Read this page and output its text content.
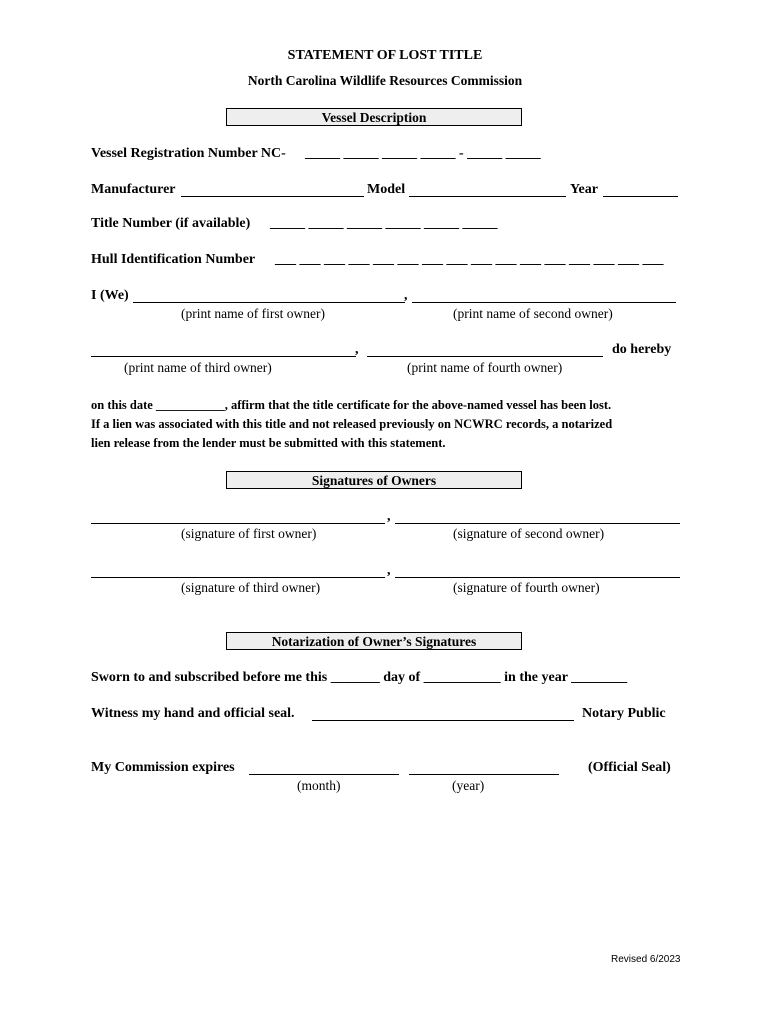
STATEMENT OF LOST TITLE
North Carolina Wildlife Resources Commission
Vessel Description
Vessel Registration Number NC- _____ _____ _____ _____ - _____ _____
Manufacturer	Model	Year
Title Number (if available) _____ _____ _____ _____ _____ _____
Hull Identification Number ___ ___ ___ ___ ___ ___ ___ ___ ___ ___ ___ ___ ___ ___ ___ ___
I (We)	,
(print name of first owner)	(print name of second owner)
,	do hereby
(print name of third owner)	(print name of fourth owner)
on this date ___________, affirm that the title certificate for the above-named vessel has been lost.
If a lien was associated with this title and not released previously on NCWRC records, a notarized
lien release from the lender must be submitted with this statement.
Signatures of Owners
,
(signature of first owner)	(signature of second owner)
,
(signature of third owner)	(signature of fourth owner)
Notarization of Owner’s Signatures
Sworn to and subscribed before me this _______ day of ___________ in the year ________
Witness my hand and official seal.	Notary Public
My Commission expires	(Official Seal)
(month)	(year)
Revised 6/2023
